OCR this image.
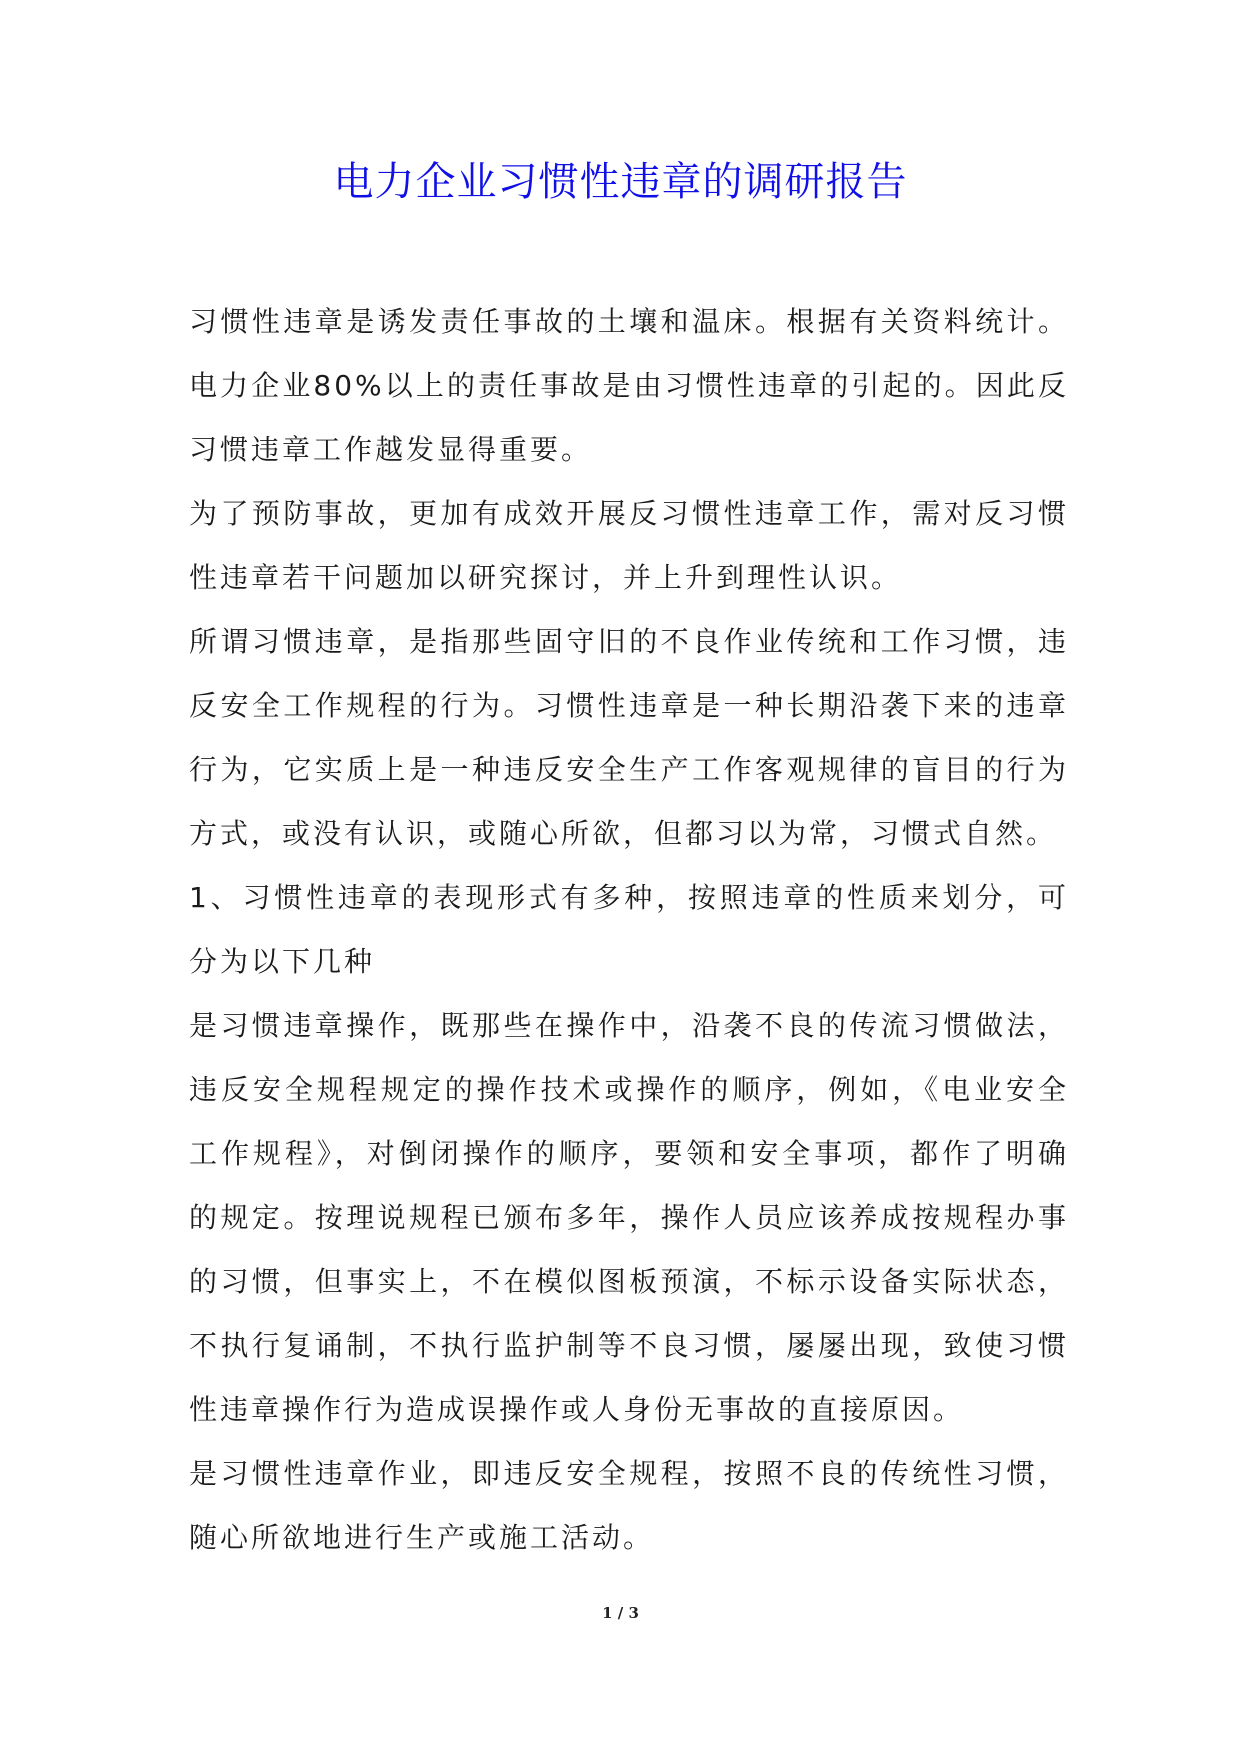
电力企业习惯性违章的调研报告

习惯性违章是诱发责任事故的土壤和温床。根据有关资料统计。电力企业80%以上的责任事故是由习惯性违章的引起的。因此反习惯违章工作越发显得重要。

为了预防事故，更加有成效开展反习惯性违章工作，需对反习惯性违章若干问题加以研究探讨，并上升到理性认识。

所谓习惯违章，是指那些固守旧的不良作业传统和工作习惯，违反安全工作规程的行为。习惯性违章是一种长期沿袭下来的违章行为，它实质上是一种违反安全生产工作客观规律的盲目的行为方式，或没有认识，或随心所欲，但都习以为常，习惯式自然。

1、习惯性违章的表现形式有多种，按照违章的性质来划分，可分为以下几种

是习惯违章操作，既那些在操作中，沿袭不良的传流习惯做法，违反安全规程规定的操作技术或操作的顺序，例如，《电业安全工作规程》，对倒闭操作的顺序，要领和安全事项，都作了明确的规定。按理说规程已颁布多年，操作人员应该养成按规程办事的习惯，但事实上，不在模似图板预演，不标示设备实际状态，不执行复诵制，不执行监护制等不良习惯，屡屡出现，致使习惯性违章操作行为造成误操作或人身份无事故的直接原因。

是习惯性违章作业，即违反安全规程，按照不良的传统性习惯，随心所欲地进行生产或施工活动。

1 / 3
